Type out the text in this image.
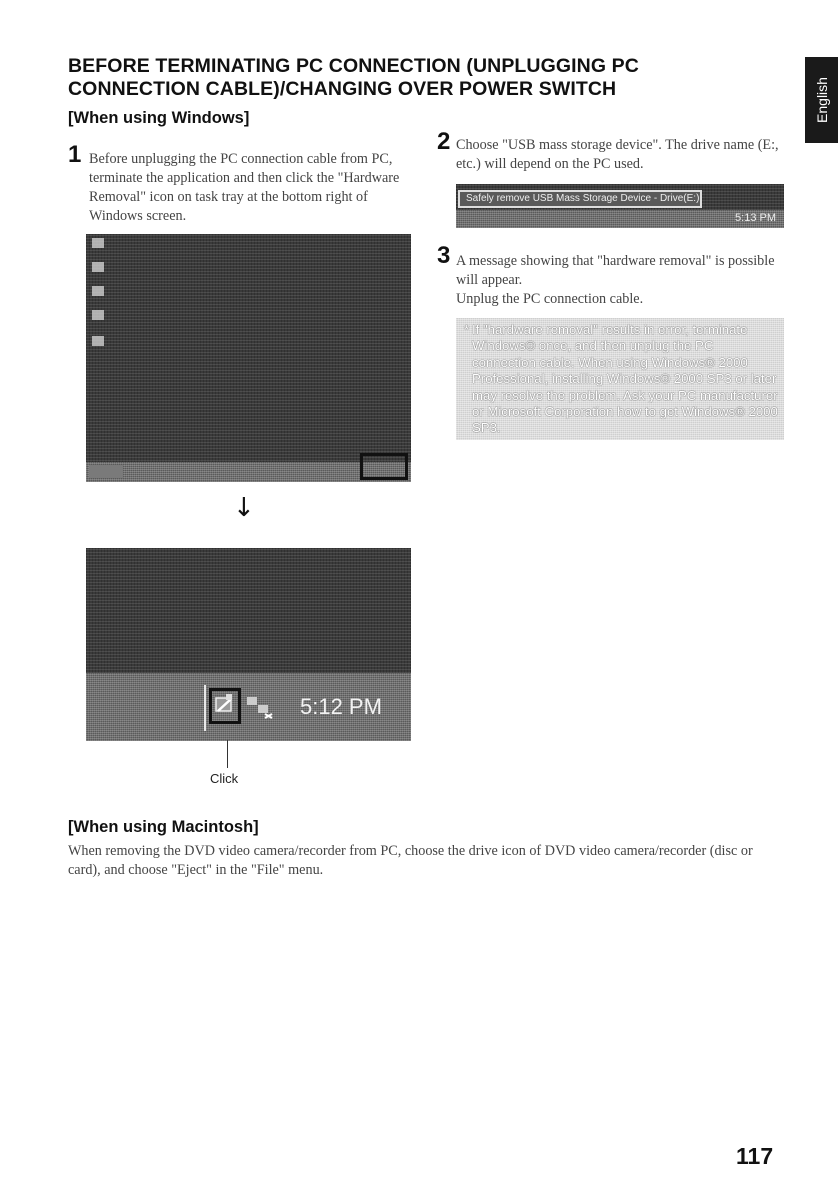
BEFORE TERMINATING PC CONNECTION (UNPLUGGING PC
CONNECTION CABLE)/CHANGING OVER POWER SWITCH	English
[When using Windows]
1 Before unplugging the PC connection cable from PC, terminate the application and then click the "Hardware Removal" icon on task tray at the bottom right of Windows screen.
↓
5:12 PM
Click
2 Choose "USB mass storage device". The drive name (E:, etc.) will depend on the PC used.
Safely remove USB Mass Storage Device - Drive(E:)
5:13 PM
3 A message showing that "hardware removal" is possible will appear.
Unplug the PC connection cable.
* If "hardware removal" results in error, terminate Windows® once, and then unplug the PC connection cable. When using Windows® 2000 Professional, installing Windows® 2000 SP3 or later may resolve the problem. Ask your PC manufacturer or Microsoft Corporation how to get Windows® 2000 SP3.
[When using Macintosh]
When removing the DVD video camera/recorder from PC, choose the drive icon of DVD video camera/recorder (disc or card), and choose "Eject" in the "File" menu.
117
